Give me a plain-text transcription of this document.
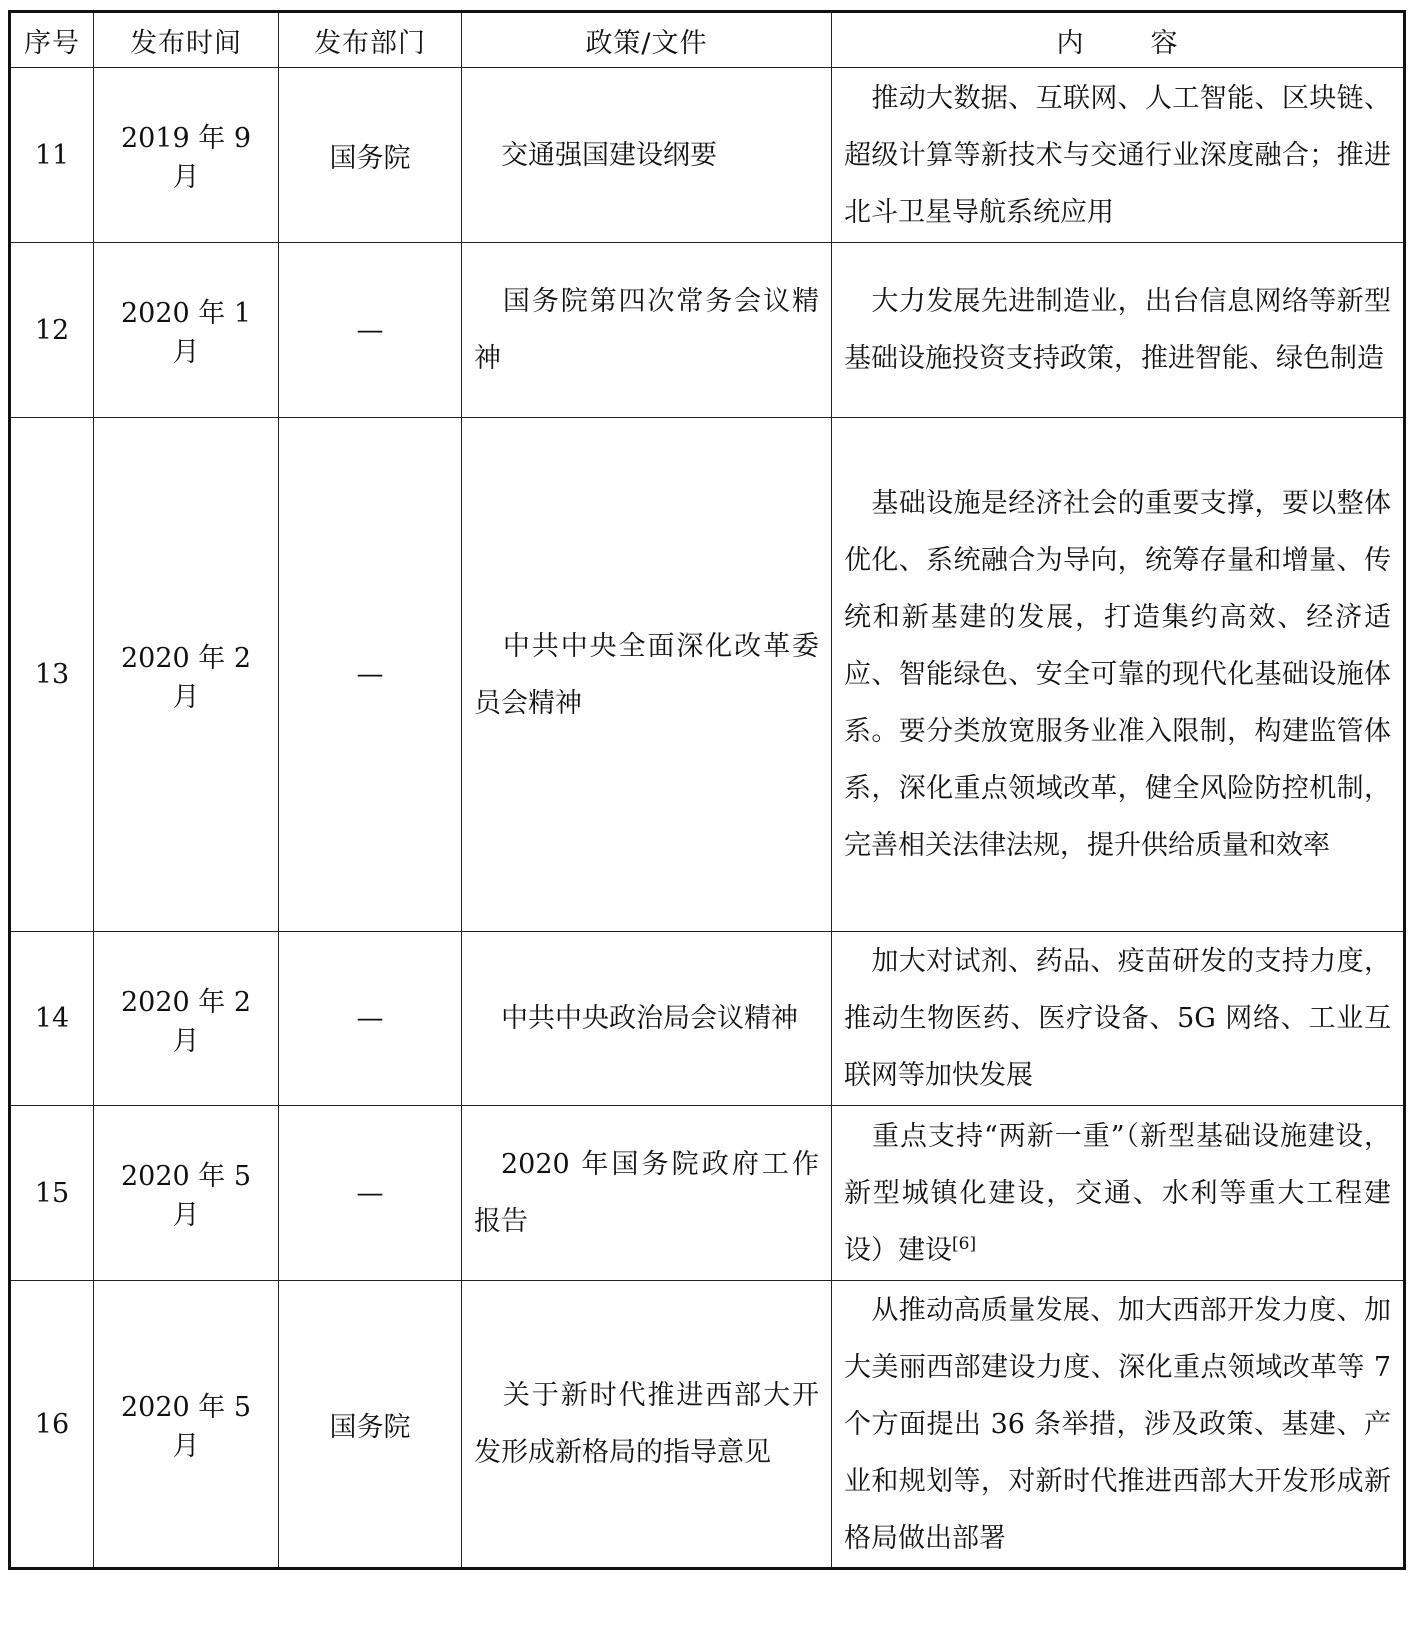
序号	发布时间	发布部门	政策/文件	内 容
11	2019 年 9 月	国务院	交通强国建设纲要	推动大数据、互联网、人工智能、区块链、超级计算等新技术与交通行业深度融合；推进北斗卫星导航系统应用
12	2020 年 1 月	—	国务院第四次常务会议精神	大力发展先进制造业，出台信息网络等新型基础设施投资支持政策，推进智能、绿色制造
13	2020 年 2 月	—	中共中央全面深化改革委员会精神	基础设施是经济社会的重要支撑，要以整体优化、系统融合为导向，统筹存量和增量、传统和新基建的发展，打造集约高效、经济适应、智能绿色、安全可靠的现代化基础设施体系。要分类放宽服务业准入限制，构建监管体系，深化重点领域改革，健全风险防控机制，完善相关法律法规，提升供给质量和效率
14	2020 年 2 月	—	中共中央政治局会议精神	加大对试剂、药品、疫苗研发的支持力度，推动生物医药、医疗设备、5G 网络、工业互联网等加快发展
15	2020 年 5 月	—	2020 年国务院政府工作报告	重点支持“两新一重”（新型基础设施建设，新型城镇化建设，交通、水利等重大工程建设）建设[6]
16	2020 年 5 月	国务院	关于新时代推进西部大开发形成新格局的指导意见	从推动高质量发展、加大西部开发力度、加大美丽西部建设力度、深化重点领域改革等 7 个方面提出 36 条举措，涉及政策、基建、产业和规划等，对新时代推进西部大开发形成新格局做出部署
